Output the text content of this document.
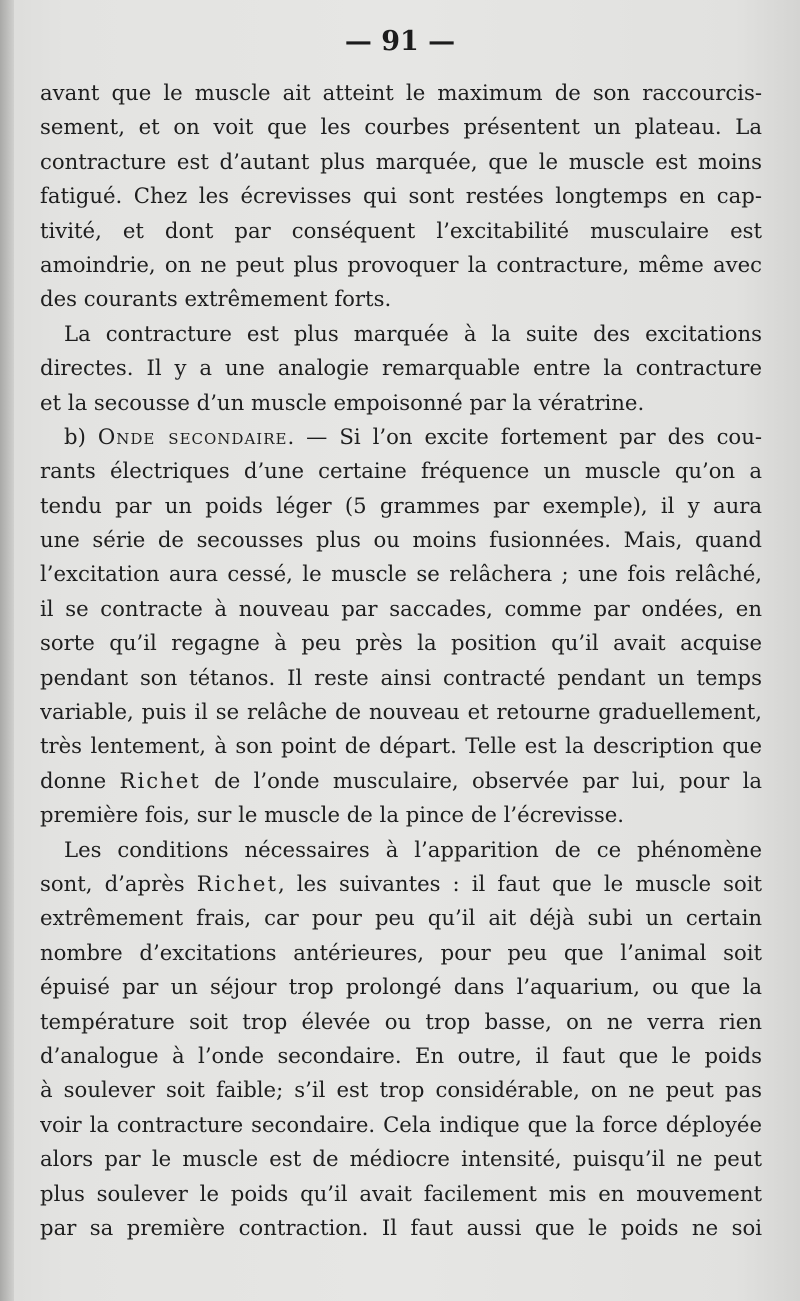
— 91 —
avant que le muscle ait atteint le maximum de son raccourcis-
sement, et on voit que les courbes présentent un plateau. La
contracture est d’autant plus marquée, que le muscle est moins
fatigué. Chez les écrevisses qui sont restées longtemps en cap-
tivité, et dont par conséquent l’excitabilité musculaire est
amoindrie, on ne peut plus provoquer la contracture, même avec
des courants extrêmement forts.
La contracture est plus marquée à la suite des excitations
directes. Il y a une analogie remarquable entre la contracture
et la secousse d’un muscle empoisonné par la vératrine.
b) Onde secondaire. — Si l’on excite fortement par des cou-
rants électriques d’une certaine fréquence un muscle qu’on a
tendu par un poids léger (5 grammes par exemple), il y aura
une série de secousses plus ou moins fusionnées. Mais, quand
l’excitation aura cessé, le muscle se relâchera ; une fois relâché,
il se contracte à nouveau par saccades, comme par ondées, en
sorte qu’il regagne à peu près la position qu’il avait acquise
pendant son tétanos. Il reste ainsi contracté pendant un temps
variable, puis il se relâche de nouveau et retourne graduellement,
très lentement, à son point de départ. Telle est la description que
donne Richet de l’onde musculaire, observée par lui, pour la
première fois, sur le muscle de la pince de l’écrevisse.
Les conditions nécessaires à l’apparition de ce phénomène
sont, d’après Richet, les suivantes : il faut que le muscle soit
extrêmement frais, car pour peu qu’il ait déjà subi un certain
nombre d’excitations antérieures, pour peu que l’animal soit
épuisé par un séjour trop prolongé dans l’aquarium, ou que la
température soit trop élevée ou trop basse, on ne verra rien
d’analogue à l’onde secondaire. En outre, il faut que le poids
à soulever soit faible; s’il est trop considérable, on ne peut pas
voir la contracture secondaire. Cela indique que la force déployée
alors par le muscle est de médiocre intensité, puisqu’il ne peut
plus soulever le poids qu’il avait facilement mis en mouvement
par sa première contraction. Il faut aussi que le poids ne soi
